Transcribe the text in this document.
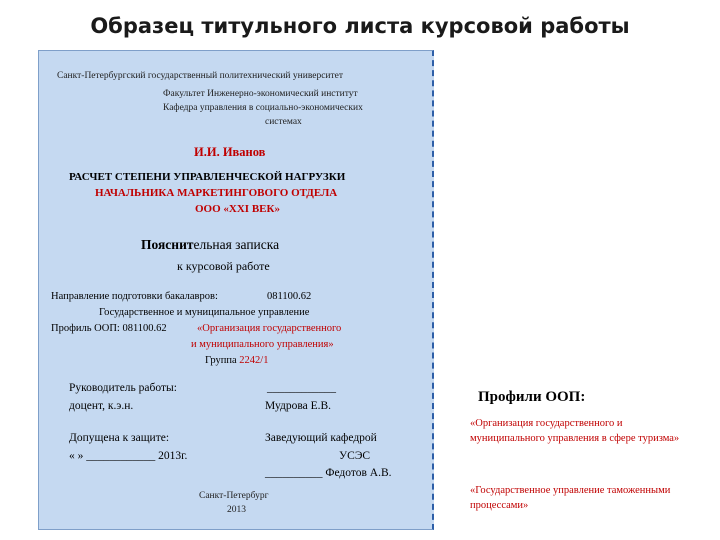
Образец титульного листа курсовой работы
Санкт-Петербургский государственный политехнический университет
Факультет Инженерно-экономический институт
Кафедра управления в социально-экономических
системах
И.И. Иванов
РАСЧЕТ СТЕПЕНИ УПРАВЛЕНЧЕСКОЙ НАГРУЗКИ
НАЧАЛЬНИКА МАРКЕТИНГОВОГО ОТДЕЛА
ООО «XXI ВЕК»
Пояснительная записка
к курсовой работе
Направление подготовки бакалавров:	081100.62
Государственное и муниципальное управление
Профиль ООП: 081100.62	«Организация государственного
и муниципального управления»
Группа 2242/1
Руководитель работы:	____________
доцент, к.э.н.	Мудрова Е.В.
Допущена к защите:	Заведующий кафедрой
« » ____________ 2013г.	УСЭС
__________ Федотов А.В.
Санкт-Петербург
2013
Профили ООП:
«Организация государственного и муниципального управления в сфере туризма»
«Государственное управление таможенными процессами»
